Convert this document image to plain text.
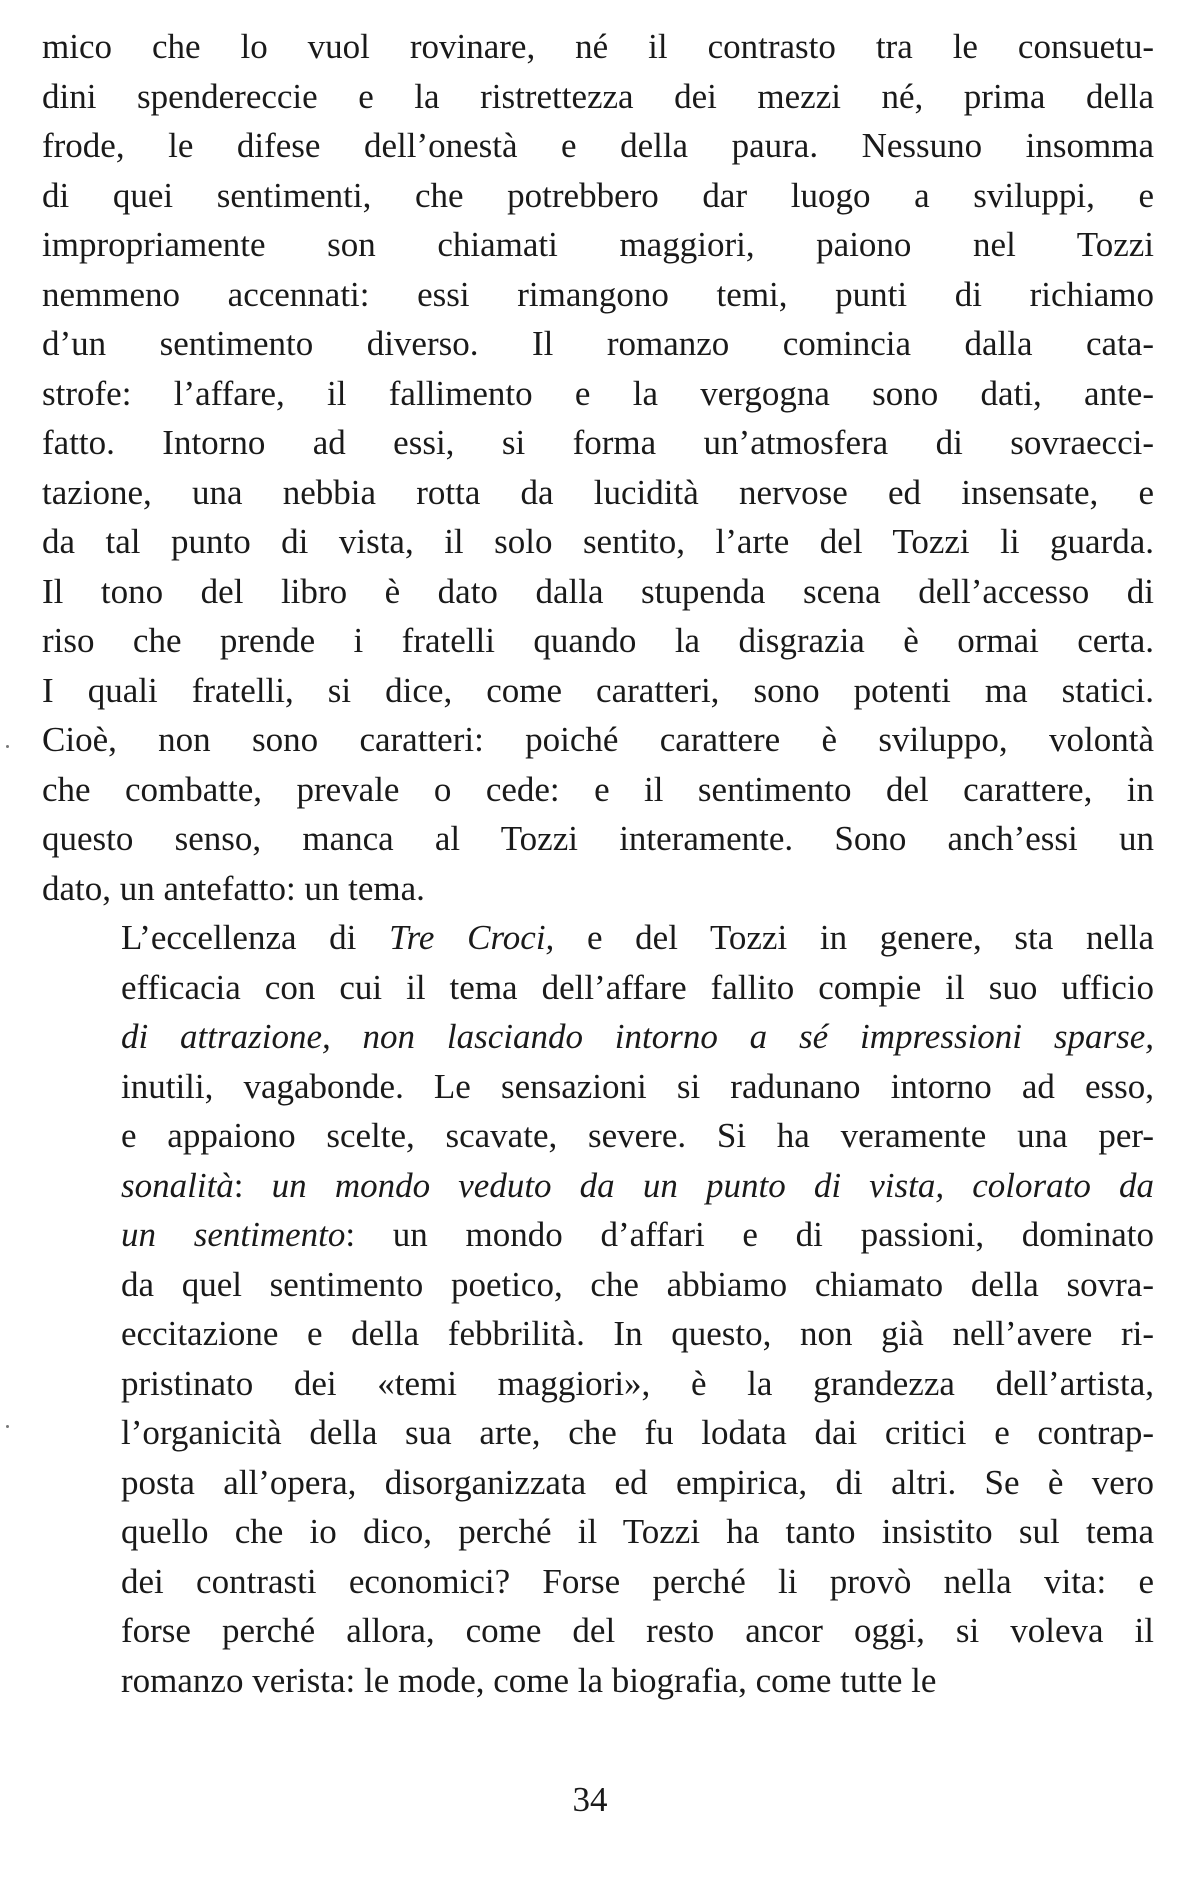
mico che lo vuol rovinare, né il contrasto tra le consuetu-
dini spendereccie e la ristrettezza dei mezzi né, prima della
frode, le difese dell’onestà e della paura. Nessuno insomma
di quei sentimenti, che potrebbero dar luogo a sviluppi, e
impropriamente son chiamati maggiori, paiono nel Tozzi
nemmeno accennati: essi rimangono temi, punti di richiamo
d’un sentimento diverso. Il romanzo comincia dalla cata-
strofe: l’affare, il fallimento e la vergogna sono dati, ante-
fatto. Intorno ad essi, si forma un’atmosfera di sovraecci-
tazione, una nebbia rotta da lucidità nervose ed insensate, e
da tal punto di vista, il solo sentito, l’arte del Tozzi li guarda.
Il tono del libro è dato dalla stupenda scena dell’accesso di
riso che prende i fratelli quando la disgrazia è ormai certa.
I quali fratelli, si dice, come caratteri, sono potenti ma statici.
Cioè, non sono caratteri: poiché carattere è sviluppo, volontà
che combatte, prevale o cede: e il sentimento del carattere, in
questo senso, manca al Tozzi interamente. Sono anch’essi un
dato, un antefatto: un tema.
L’eccellenza di Tre Croci, e del Tozzi in genere, sta nella
efficacia con cui il tema dell’affare fallito compie il suo ufficio
di attrazione, non lasciando intorno a sé impressioni sparse,
inutili, vagabonde. Le sensazioni si radunano intorno ad esso,
e appaiono scelte, scavate, severe. Si ha veramente una per-
sonalità: un mondo veduto da un punto di vista, colorato da
un sentimento: un mondo d’affari e di passioni, dominato
da quel sentimento poetico, che abbiamo chiamato della sovra-
eccitazione e della febbrilità. In questo, non già nell’avere ri-
pristinato dei «temi maggiori», è la grandezza dell’artista,
l’organicità della sua arte, che fu lodata dai critici e contrap-
posta all’opera, disorganizzata ed empirica, di altri. Se è vero
quello che io dico, perché il Tozzi ha tanto insistito sul tema
dei contrasti economici? Forse perché li provò nella vita: e
forse perché allora, come del resto ancor oggi, si voleva il
romanzo verista: le mode, come la biografia, come tutte le
34
